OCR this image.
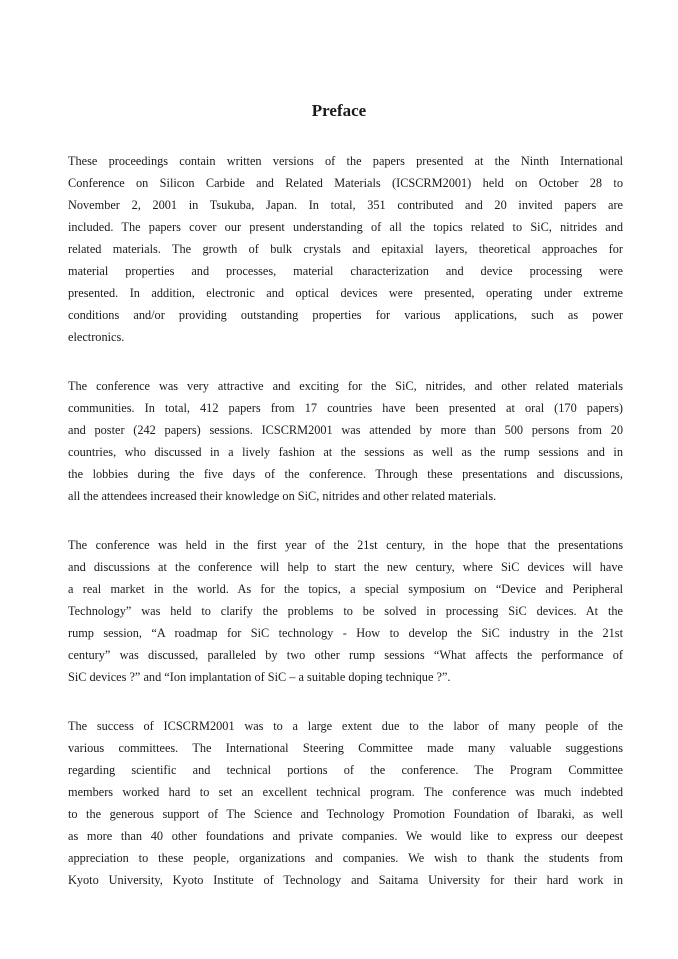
Preface
These proceedings contain written versions of the papers presented at the Ninth International
Conference on Silicon Carbide and Related Materials (ICSCRM2001) held on October 28 to
November 2, 2001 in Tsukuba, Japan. In total, 351 contributed and 20 invited papers are
included. The papers cover our present understanding of all the topics related to SiC, nitrides and
related materials. The growth of bulk crystals and epitaxial layers, theoretical approaches for
material properties and processes, material characterization and device processing were
presented. In addition, electronic and optical devices were presented, operating under extreme
conditions and/or providing outstanding properties for various applications, such as power
electronics.
The conference was very attractive and exciting for the SiC, nitrides, and other related materials
communities. In total, 412 papers from 17 countries have been presented at oral (170 papers)
and poster (242 papers) sessions. ICSCRM2001 was attended by more than 500 persons from 20
countries, who discussed in a lively fashion at the sessions as well as the rump sessions and in
the lobbies during the five days of the conference. Through these presentations and discussions,
all the attendees increased their knowledge on SiC, nitrides and other related materials.
The conference was held in the first year of the 21st century, in the hope that the presentations
and discussions at the conference will help to start the new century, where SiC devices will have
a real market in the world. As for the topics, a special symposium on “Device and Peripheral
Technology” was held to clarify the problems to be solved in processing SiC devices. At the
rump session, “A roadmap for SiC technology - How to develop the SiC industry in the 21st
century” was discussed, paralleled by two other rump sessions “What affects the performance of
SiC devices ?” and “Ion implantation of SiC – a suitable doping technique ?”.
The success of ICSCRM2001 was to a large extent due to the labor of many people of the
various committees. The International Steering Committee made many valuable suggestions
regarding scientific and technical portions of the conference. The Program Committee
members worked hard to set an excellent technical program. The conference was much indebted
to the generous support of The Science and Technology Promotion Foundation of Ibaraki, as well
as more than 40 other foundations and private companies. We would like to express our deepest
appreciation to these people, organizations and companies. We wish to thank the students from
Kyoto University, Kyoto Institute of Technology and Saitama University for their hard work in
